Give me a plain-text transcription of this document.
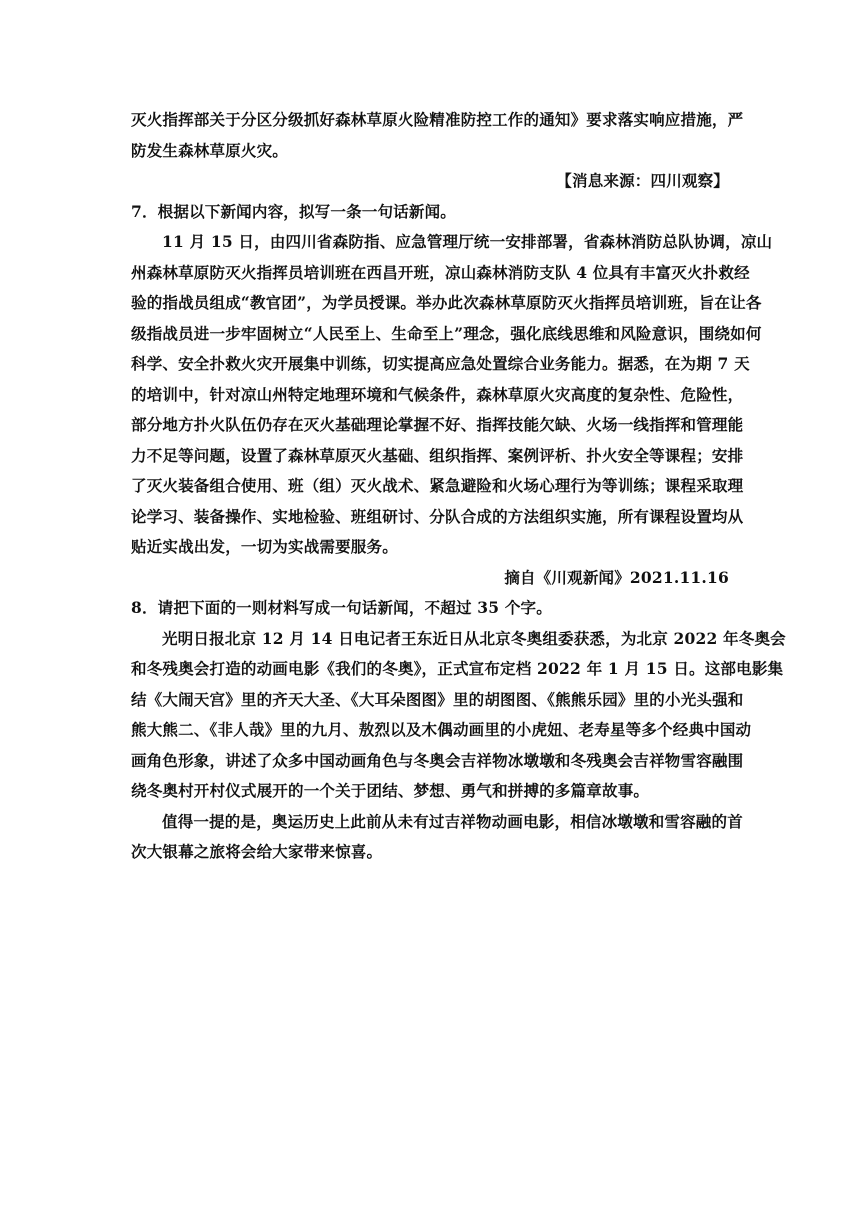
灭火指挥部关于分区分级抓好森林草原火险精准防控工作的通知》要求落实响应措施，严
防发生森林草原火灾。
【消息来源：四川观察】
7．根据以下新闻内容，拟写一条一句话新闻。
11 月 15 日，由四川省森防指、应急管理厅统一安排部署，省森林消防总队协调，凉山
州森林草原防灭火指挥员培训班在西昌开班，凉山森林消防支队 4 位具有丰富灭火扑救经
验的指战员组成“教官团”，为学员授课。举办此次森林草原防灭火指挥员培训班，旨在让各
级指战员进一步牢固树立“人民至上、生命至上”理念，强化底线思维和风险意识，围绕如何
科学、安全扑救火灾开展集中训练，切实提高应急处置综合业务能力。据悉，在为期 7 天
的培训中，针对凉山州特定地理环境和气候条件，森林草原火灾高度的复杂性、危险性，
部分地方扑火队伍仍存在灭火基础理论掌握不好、指挥技能欠缺、火场一线指挥和管理能
力不足等问题，设置了森林草原灭火基础、组织指挥、案例评析、扑火安全等课程；安排
了灭火装备组合使用、班（组）灭火战术、紧急避险和火场心理行为等训练；课程采取理
论学习、装备操作、实地检验、班组研讨、分队合成的方法组织实施，所有课程设置均从
贴近实战出发，一切为实战需要服务。
摘自《川观新闻》2021.11.16
8．请把下面的一则材料写成一句话新闻，不超过 35 个字。
光明日报北京 12 月 14 日电记者王东近日从北京冬奥组委获悉，为北京 2022 年冬奥会
和冬残奥会打造的动画电影《我们的冬奥》，正式宣布定档 2022 年 1 月 15 日。这部电影集
结《大闹天宫》里的齐天大圣、《大耳朵图图》里的胡图图、《熊熊乐园》里的小光头强和
熊大熊二、《非人哉》里的九月、敖烈以及木偶动画里的小虎妞、老寿星等多个经典中国动
画角色形象，讲述了众多中国动画角色与冬奥会吉祥物冰墩墩和冬残奥会吉祥物雪容融围
绕冬奥村开村仪式展开的一个关于团结、梦想、勇气和拼搏的多篇章故事。
值得一提的是，奥运历史上此前从未有过吉祥物动画电影，相信冰墩墩和雪容融的首
次大银幕之旅将会给大家带来惊喜。
